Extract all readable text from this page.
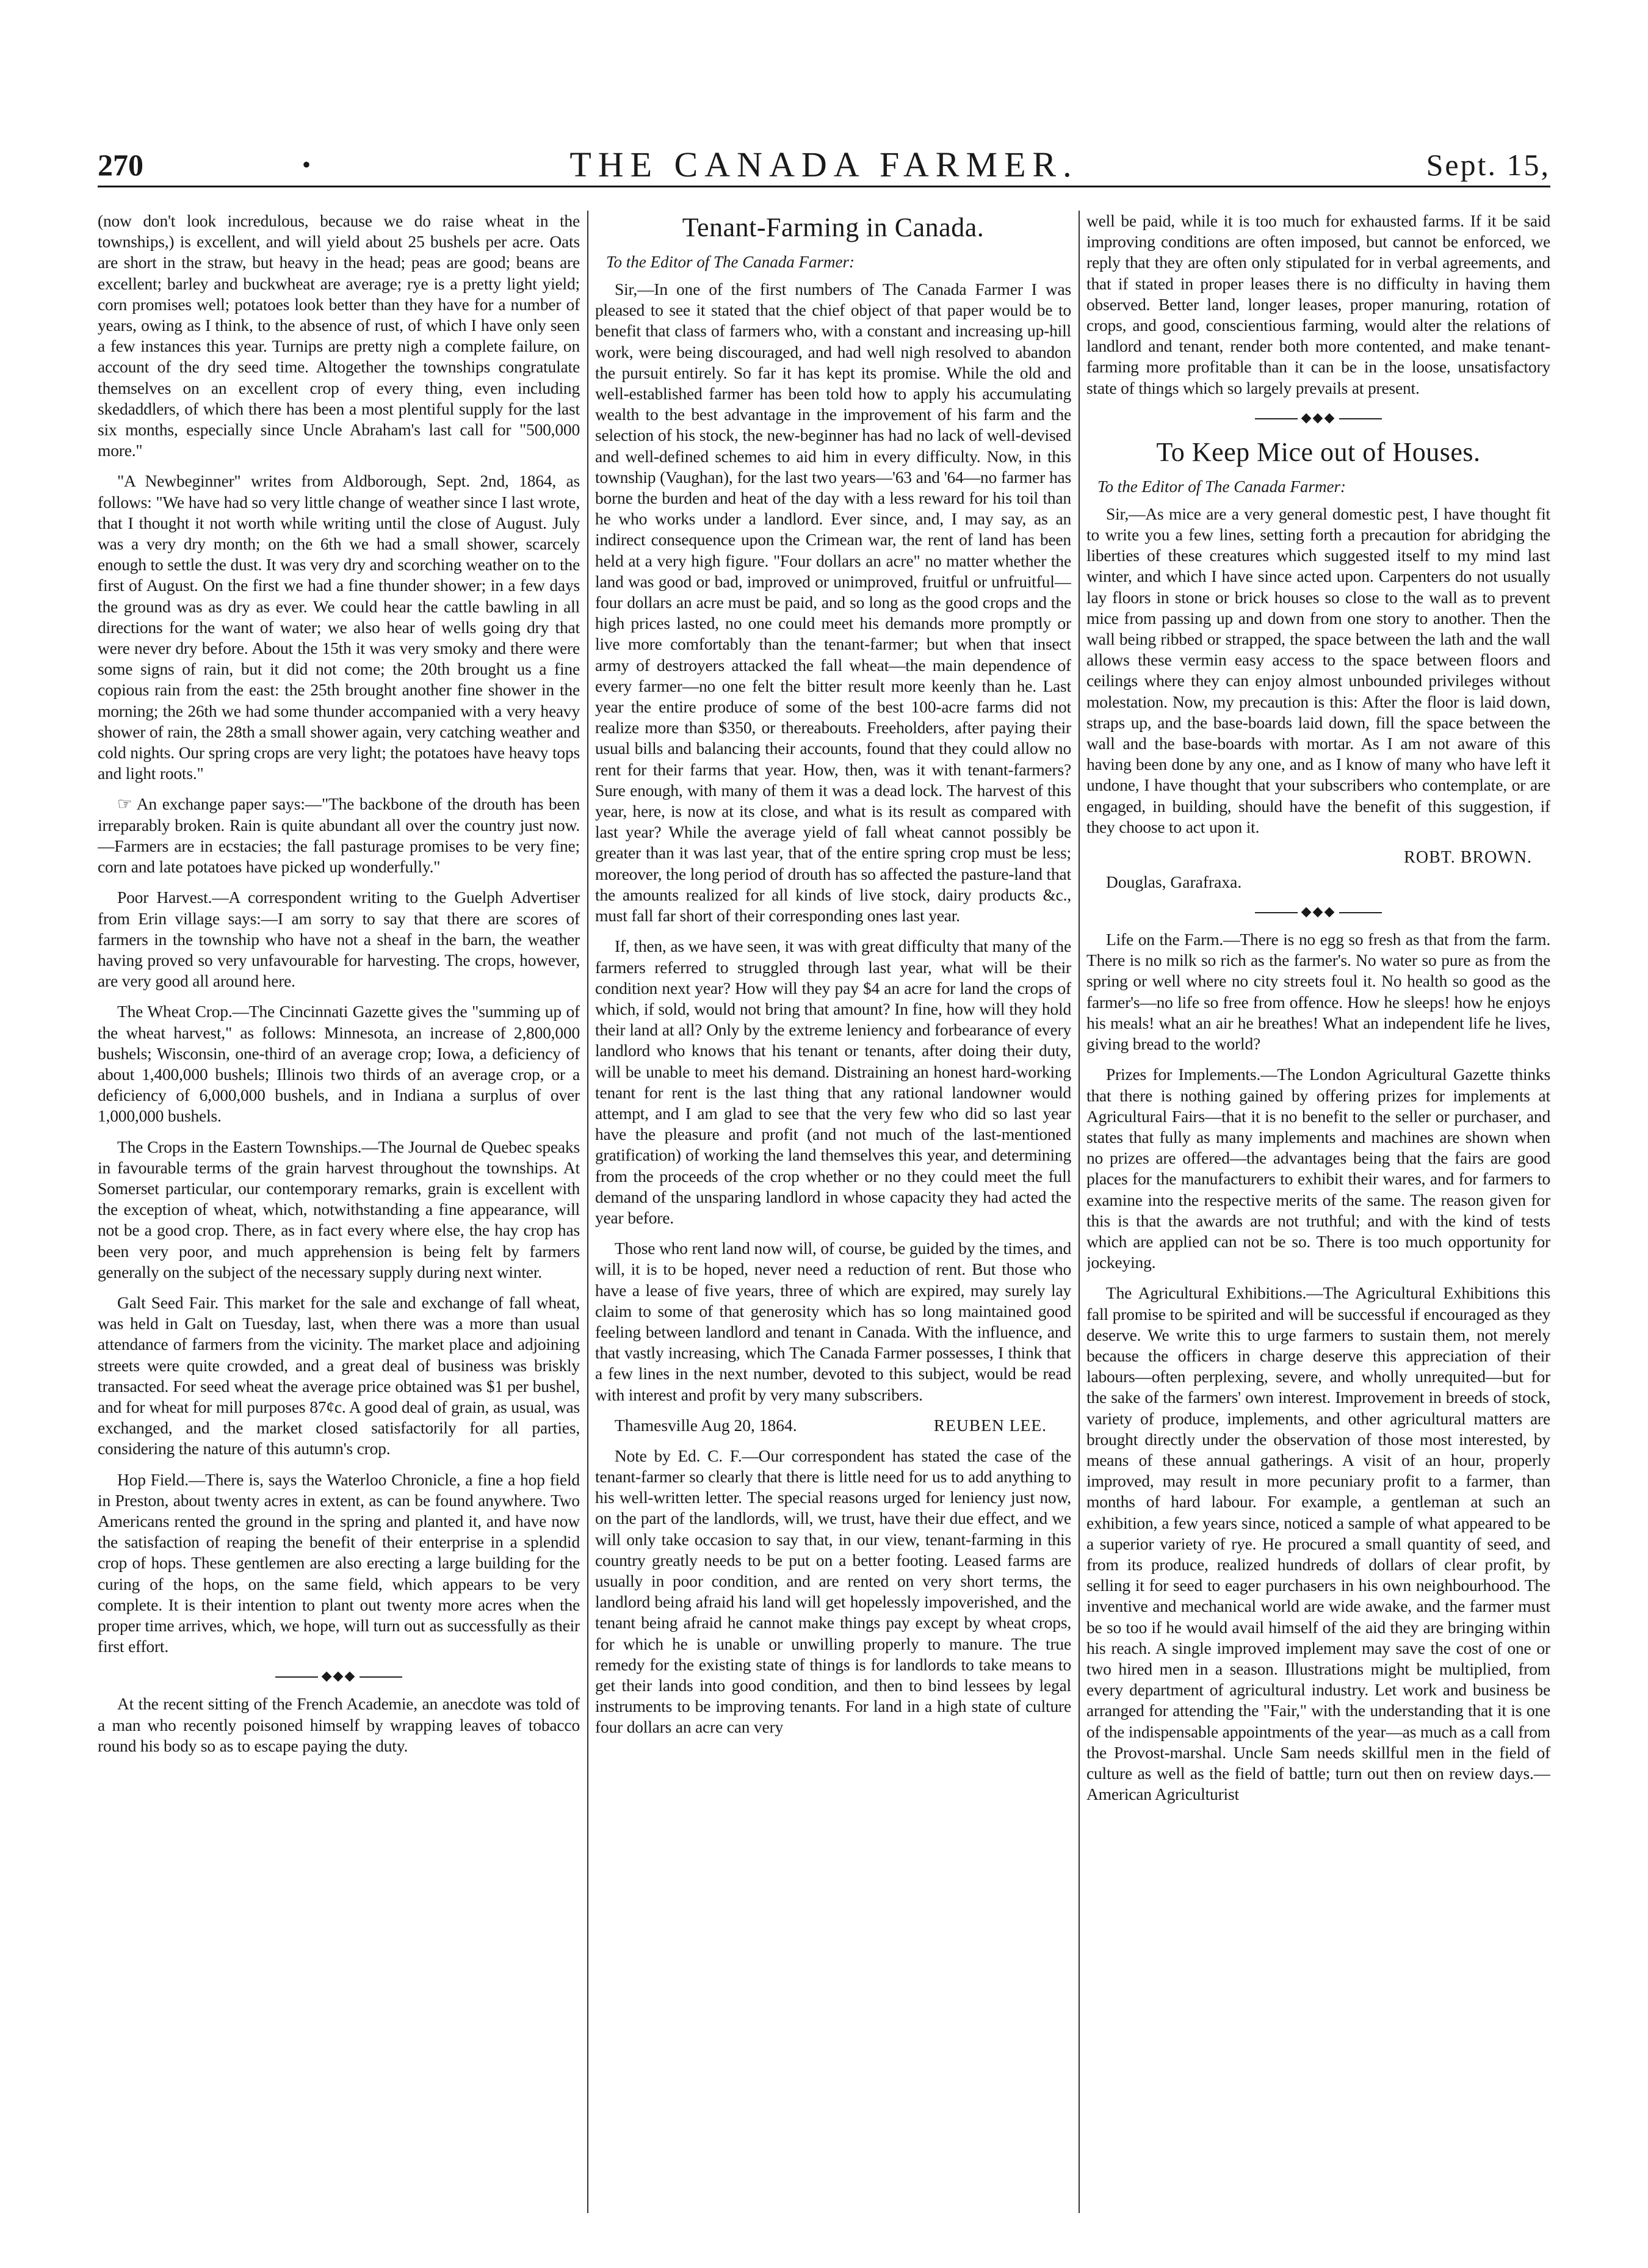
270	•	THE CANADA FARMER.	Sept. 15,

(now don't look incredulous, because we do raise wheat in the townships,) is excellent, and will yield about 25 bushels per acre. Oats are short in the straw, but heavy in the head; peas are good; beans are excellent; barley and buckwheat are average; rye is a pretty light yield; corn promises well; potatoes look better than they have for a number of years, owing as I think, to the absence of rust, of which I have only seen a few instances this year. Turnips are pretty nigh a complete failure, on account of the dry seed time. Altogether the townships congratulate themselves on an excellent crop of every thing, even including skedaddlers, of which there has been a most plentiful supply for the last six months, especially since Uncle Abraham's last call for "500,000 more."

"A Newbeginner" writes from Aldborough, Sept. 2nd, 1864, as follows: "We have had so very little change of weather since I last wrote, that I thought it not worth while writing until the close of August. July was a very dry month; on the 6th we had a small shower, scarcely enough to settle the dust. It was very dry and scorching weather on to the first of August. On the first we had a fine thunder shower; in a few days the ground was as dry as ever. We could hear the cattle bawling in all directions for the want of water; we also hear of wells going dry that were never dry before. About the 15th it was very smoky and there were some signs of rain, but it did not come; the 20th brought us a fine copious rain from the east: the 25th brought another fine shower in the morning; the 26th we had some thunder accompanied with a very heavy shower of rain, the 28th a small shower again, very catching weather and cold nights. Our spring crops are very light; the potatoes have heavy tops and light roots."

☞ An exchange paper says:—"The backbone of the drouth has been irreparably broken. Rain is quite abundant all over the country just now.—Farmers are in ecstacies; the fall pasturage promises to be very fine; corn and late potatoes have picked up wonderfully."

Poor Harvest.—A correspondent writing to the Guelph Advertiser from Erin village says:—I am sorry to say that there are scores of farmers in the township who have not a sheaf in the barn, the weather having proved so very unfavourable for harvesting. The crops, however, are very good all around here.

The Wheat Crop.—The Cincinnati Gazette gives the "summing up of the wheat harvest," as follows: Minnesota, an increase of 2,800,000 bushels; Wisconsin, one-third of an average crop; Iowa, a deficiency of about 1,400,000 bushels; Illinois two thirds of an average crop, or a deficiency of 6,000,000 bushels, and in Indiana a surplus of over 1,000,000 bushels.

The Crops in the Eastern Townships.—The Journal de Quebec speaks in favourable terms of the grain harvest throughout the townships. At Somerset particular, our contemporary remarks, grain is excellent with the exception of wheat, which, notwithstanding a fine appearance, will not be a good crop. There, as in fact every where else, the hay crop has been very poor, and much apprehension is being felt by farmers generally on the subject of the necessary supply during next winter.

Galt Seed Fair. This market for the sale and exchange of fall wheat, was held in Galt on Tuesday, last, when there was a more than usual attendance of farmers from the vicinity. The market place and adjoining streets were quite crowded, and a great deal of business was briskly transacted. For seed wheat the average price obtained was $1 per bushel, and for wheat for mill purposes 87¢c. A good deal of grain, as usual, was exchanged, and the market closed satisfactorily for all parties, considering the nature of this autumn's crop.

Hop Field.—There is, says the Waterloo Chronicle, a fine a hop field in Preston, about twenty acres in extent, as can be found anywhere. Two Americans rented the ground in the spring and planted it, and have now the satisfaction of reaping the benefit of their enterprise in a splendid crop of hops. These gentlemen are also erecting a large building for the curing of the hops, on the same field, which appears to be very complete. It is their intention to plant out twenty more acres when the proper time arrives, which, we hope, will turn out as successfully as their first effort.

◆◆◆

At the recent sitting of the French Academie, an anecdote was told of a man who recently poisoned himself by wrapping leaves of tobacco round his body so as to escape paying the duty.

Tenant-Farming in Canada.
To the Editor of The Canada Farmer:

Sir,—In one of the first numbers of The Canada Farmer I was pleased to see it stated that the chief object of that paper would be to benefit that class of farmers who, with a constant and increasing up-hill work, were being discouraged, and had well nigh resolved to abandon the pursuit entirely. So far it has kept its promise. While the old and well-established farmer has been told how to apply his accumulating wealth to the best advantage in the improvement of his farm and the selection of his stock, the new-beginner has had no lack of well-devised and well-defined schemes to aid him in every difficulty. Now, in this township (Vaughan), for the last two years—'63 and '64—no farmer has borne the burden and heat of the day with a less reward for his toil than he who works under a landlord. Ever since, and, I may say, as an indirect consequence upon the Crimean war, the rent of land has been held at a very high figure. "Four dollars an acre" no matter whether the land was good or bad, improved or unimproved, fruitful or unfruitful—four dollars an acre must be paid, and so long as the good crops and the high prices lasted, no one could meet his demands more promptly or live more comfortably than the tenant-farmer; but when that insect army of destroyers attacked the fall wheat—the main dependence of every farmer—no one felt the bitter result more keenly than he. Last year the entire produce of some of the best 100-acre farms did not realize more than $350, or thereabouts. Freeholders, after paying their usual bills and balancing their accounts, found that they could allow no rent for their farms that year. How, then, was it with tenant-farmers? Sure enough, with many of them it was a dead lock. The harvest of this year, here, is now at its close, and what is its result as compared with last year? While the average yield of fall wheat cannot possibly be greater than it was last year, that of the entire spring crop must be less; moreover, the long period of drouth has so affected the pasture-land that the amounts realized for all kinds of live stock, dairy products &c., must fall far short of their corresponding ones last year.

If, then, as we have seen, it was with great difficulty that many of the farmers referred to struggled through last year, what will be their condition next year? How will they pay $4 an acre for land the crops of which, if sold, would not bring that amount? In fine, how will they hold their land at all? Only by the extreme leniency and forbearance of every landlord who knows that his tenant or tenants, after doing their duty, will be unable to meet his demand. Distraining an honest hard-working tenant for rent is the last thing that any rational landowner would attempt, and I am glad to see that the very few who did so last year have the pleasure and profit (and not much of the last-mentioned gratification) of working the land themselves this year, and determining from the proceeds of the crop whether or no they could meet the full demand of the unsparing landlord in whose capacity they had acted the year before.

Those who rent land now will, of course, be guided by the times, and will, it is to be hoped, never need a reduction of rent. But those who have a lease of five years, three of which are expired, may surely lay claim to some of that generosity which has so long maintained good feeling between landlord and tenant in Canada. With the influence, and that vastly increasing, which The Canada Farmer possesses, I think that a few lines in the next number, devoted to this subject, would be read with interest and profit by very many subscribers.

Thamesville Aug 20, 1864.	REUBEN LEE.

Note by Ed. C. F.—Our correspondent has stated the case of the tenant-farmer so clearly that there is little need for us to add anything to his well-written letter. The special reasons urged for leniency just now, on the part of the landlords, will, we trust, have their due effect, and we will only take occasion to say that, in our view, tenant-farming in this country greatly needs to be put on a better footing. Leased farms are usually in poor condition, and are rented on very short terms, the landlord being afraid his land will get hopelessly impoverished, and the tenant being afraid he cannot make things pay except by wheat crops, for which he is unable or unwilling properly to manure. The true remedy for the existing state of things is for landlords to take means to get their lands into good condition, and then to bind lessees by legal instruments to be improving tenants. For land in a high state of culture four dollars an acre can very

well be paid, while it is too much for exhausted farms. If it be said improving conditions are often imposed, but cannot be enforced, we reply that they are often only stipulated for in verbal agreements, and that if stated in proper leases there is no difficulty in having them observed. Better land, longer leases, proper manuring, rotation of crops, and good, conscientious farming, would alter the relations of landlord and tenant, render both more contented, and make tenant-farming more profitable than it can be in the loose, unsatisfactory state of things which so largely prevails at present.

◆◆◆
To Keep Mice out of Houses.
To the Editor of The Canada Farmer:

Sir,—As mice are a very general domestic pest, I have thought fit to write you a few lines, setting forth a precaution for abridging the liberties of these creatures which suggested itself to my mind last winter, and which I have since acted upon. Carpenters do not usually lay floors in stone or brick houses so close to the wall as to prevent mice from passing up and down from one story to another. Then the wall being ribbed or strapped, the space between the lath and the wall allows these vermin easy access to the space between floors and ceilings where they can enjoy almost unbounded privileges without molestation. Now, my precaution is this: After the floor is laid down, straps up, and the base-boards laid down, fill the space between the wall and the base-boards with mortar. As I am not aware of this having been done by any one, and as I know of many who have left it undone, I have thought that your subscribers who contemplate, or are engaged, in building, should have the benefit of this suggestion, if they choose to act upon it.

ROBT. BROWN.
Douglas, Garafraxa.
◆◆◆

Life on the Farm.—There is no egg so fresh as that from the farm. There is no milk so rich as the farmer's. No water so pure as from the spring or well where no city streets foul it. No health so good as the farmer's—no life so free from offence. How he sleeps! how he enjoys his meals! what an air he breathes! What an independent life he lives, giving bread to the world?

Prizes for Implements.—The London Agricultural Gazette thinks that there is nothing gained by offering prizes for implements at Agricultural Fairs—that it is no benefit to the seller or purchaser, and states that fully as many implements and machines are shown when no prizes are offered—the advantages being that the fairs are good places for the manufacturers to exhibit their wares, and for farmers to examine into the respective merits of the same. The reason given for this is that the awards are not truthful; and with the kind of tests which are applied can not be so. There is too much opportunity for jockeying.

The Agricultural Exhibitions.—The Agricultural Exhibitions this fall promise to be spirited and will be successful if encouraged as they deserve. We write this to urge farmers to sustain them, not merely because the officers in charge deserve this appreciation of their labours—often perplexing, severe, and wholly unrequited—but for the sake of the farmers' own interest. Improvement in breeds of stock, variety of produce, implements, and other agricultural matters are brought directly under the observation of those most interested, by means of these annual gatherings. A visit of an hour, properly improved, may result in more pecuniary profit to a farmer, than months of hard labour. For example, a gentleman at such an exhibition, a few years since, noticed a sample of what appeared to be a superior variety of rye. He procured a small quantity of seed, and from its produce, realized hundreds of dollars of clear profit, by selling it for seed to eager purchasers in his own neighbourhood. The inventive and mechanical world are wide awake, and the farmer must be so too if he would avail himself of the aid they are bringing within his reach. A single improved implement may save the cost of one or two hired men in a season. Illustrations might be multiplied, from every department of agricultural industry. Let work and business be arranged for attending the "Fair," with the understanding that it is one of the indispensable appointments of the year—as much as a call from the Provost-marshal. Uncle Sam needs skillful men in the field of culture as well as the field of battle; turn out then on review days.—American Agriculturist
